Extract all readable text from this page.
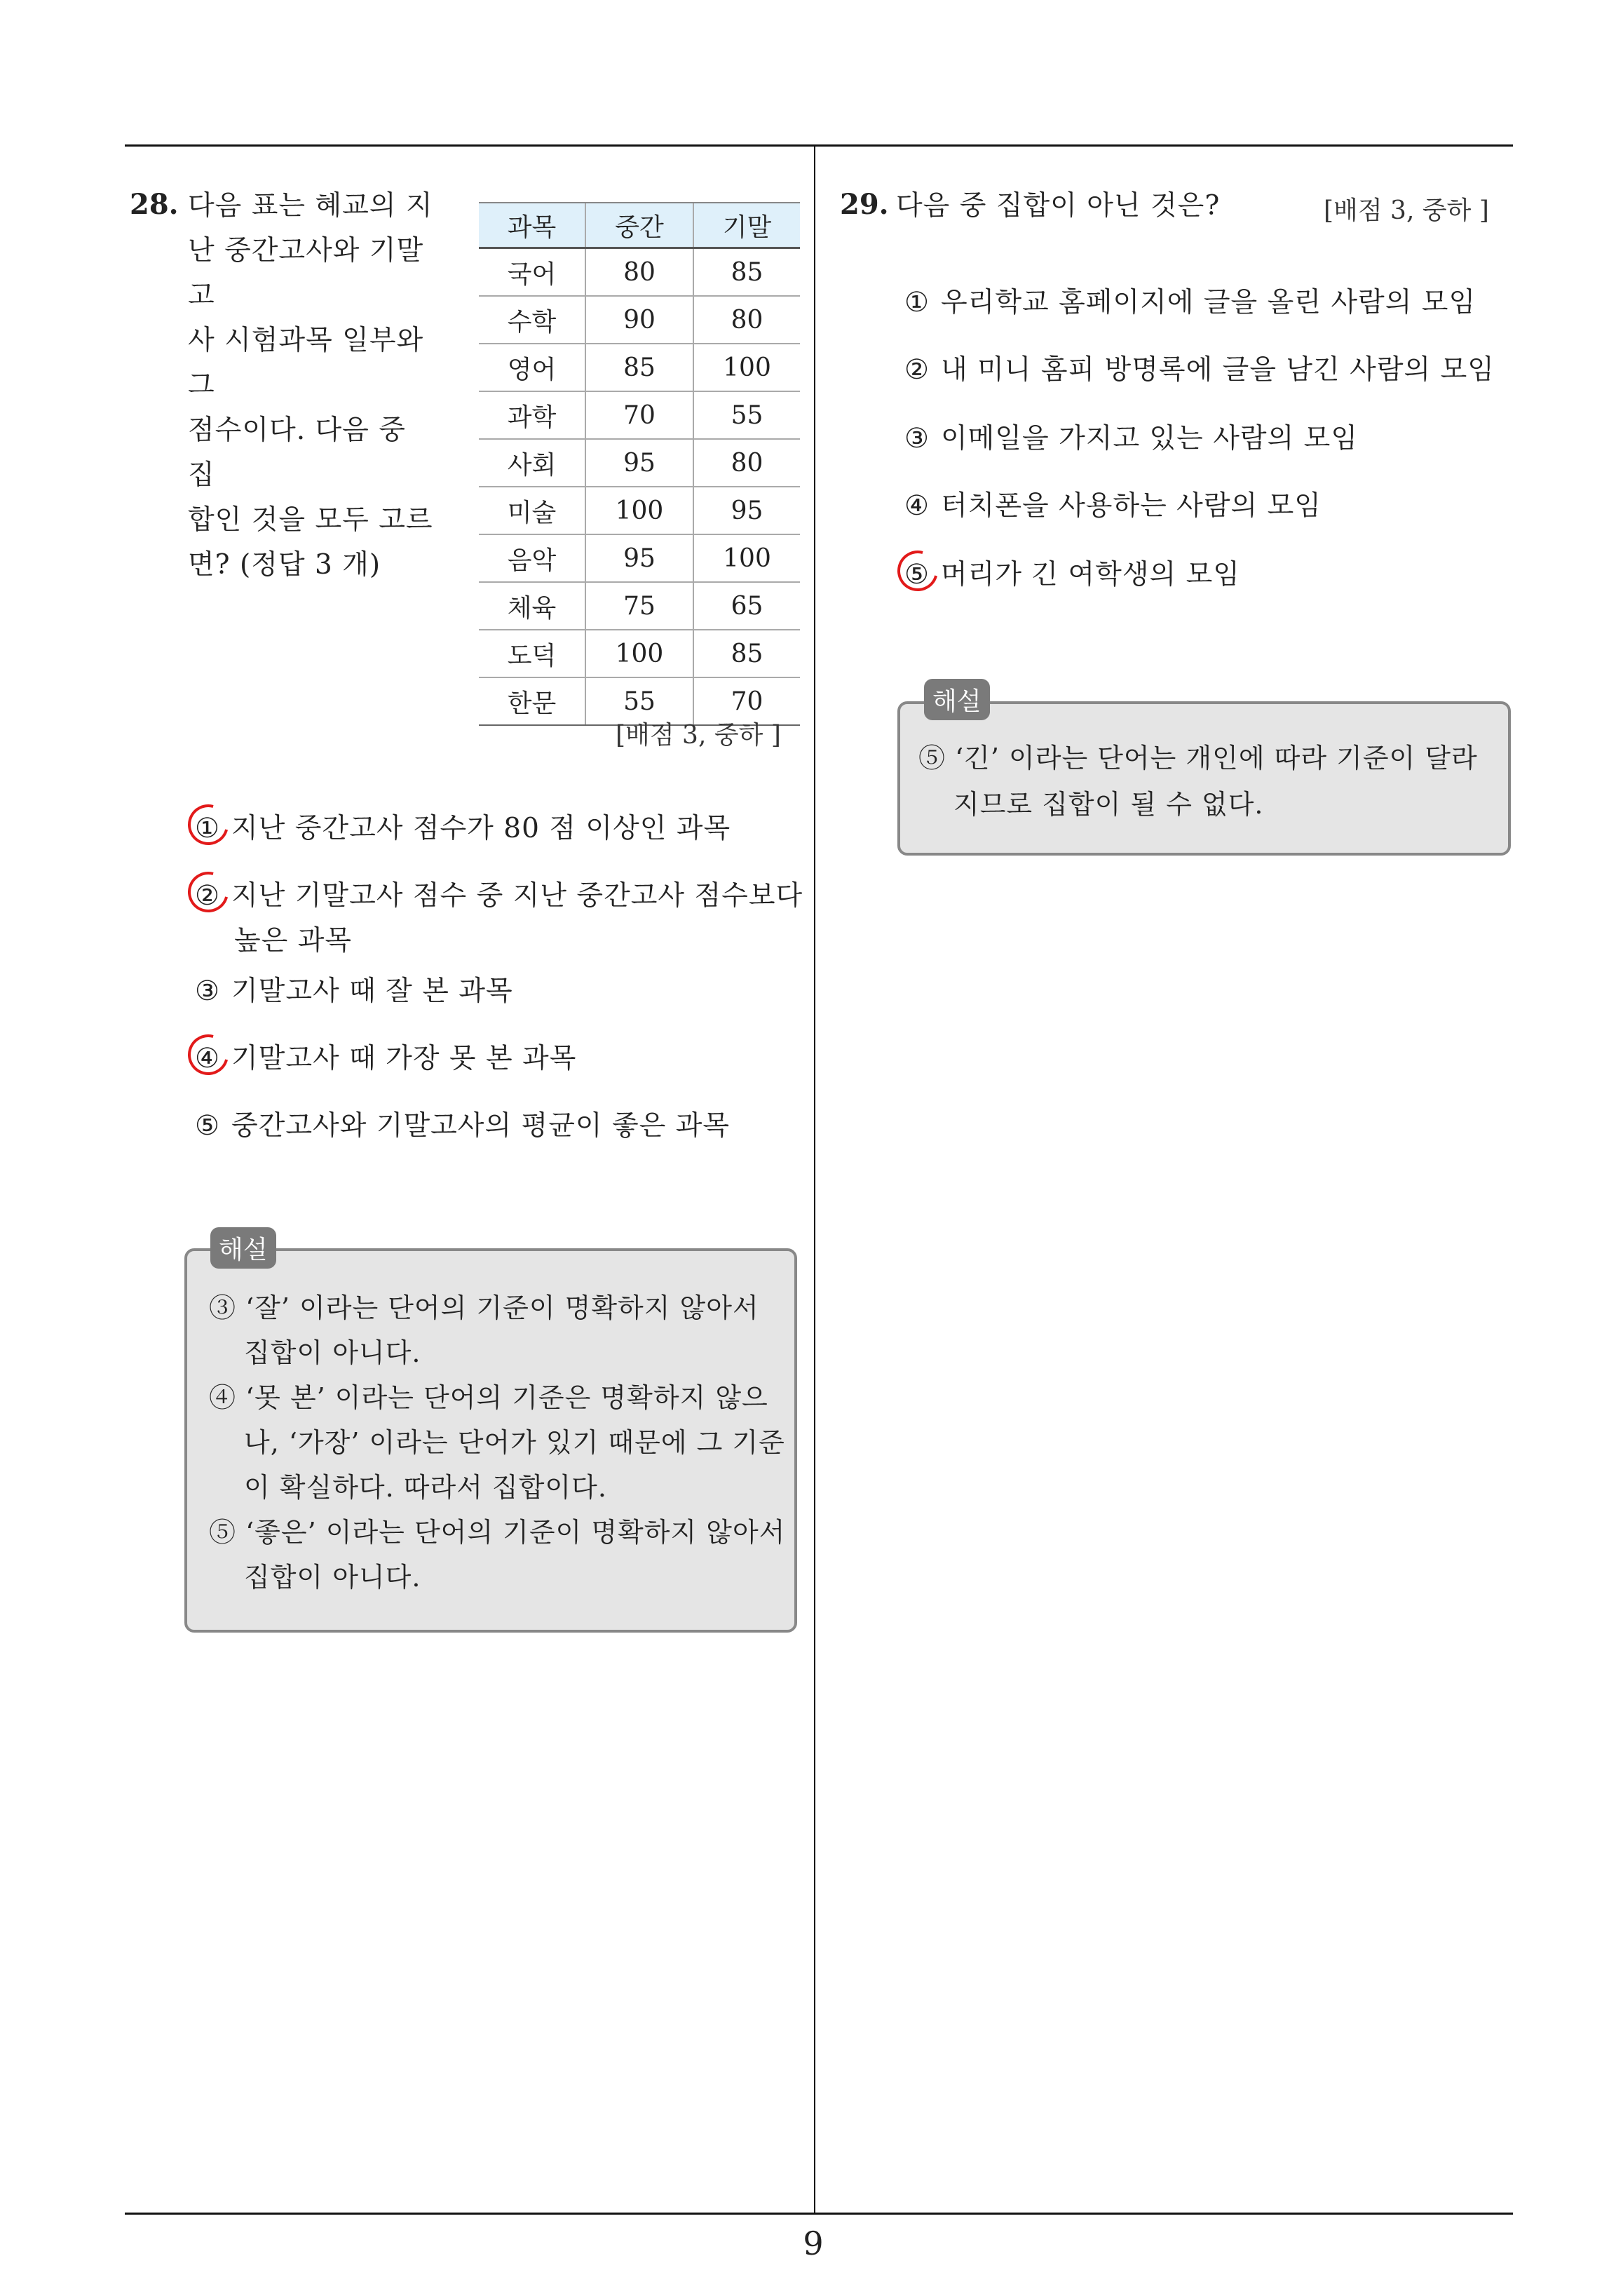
28. 다음 표는 혜교의 지
난 중간고사와 기말고
사 시험과목 일부와 그
점수이다. 다음 중 집
합인 것을 모두 고르
면? (정답 3 개)
과목	중간	기말
국어	80	85
수학	90	80
영어	85	100
과학	70	55
사회	95	80
미술	100	95
음악	95	100
체육	75	65
도덕	100	85
한문	55	70
[배점 3, 중하 ]
① 지난 중간고사 점수가 80 점 이상인 과목
② 지난 기말고사 점수 중 지난 중간고사 점수보다
높은 과목
③ 기말고사 때 잘 본 과목
④ 기말고사 때 가장 못 본 과목
⑤ 중간고사와 기말고사의 평균이 좋은 과목
해설
③ ‘잘’ 이라는 단어의 기준이 명확하지 않아서
집합이 아니다.
④ ‘못 본’ 이라는 단어의 기준은 명확하지 않으
나, ‘가장’ 이라는 단어가 있기 때문에 그 기준
이 확실하다. 따라서 집합이다.
⑤ ‘좋은’ 이라는 단어의 기준이 명확하지 않아서
집합이 아니다.
29. 다음 중 집합이 아닌 것은?	[배점 3, 중하 ]
① 우리학교 홈페이지에 글을 올린 사람의 모임
② 내 미니 홈피 방명록에 글을 남긴 사람의 모임
③ 이메일을 가지고 있는 사람의 모임
④ 터치폰을 사용하는 사람의 모임
⑤ 머리가 긴 여학생의 모임
해설
⑤ ‘긴’ 이라는 단어는 개인에 따라 기준이 달라
지므로 집합이 될 수 없다.
9
